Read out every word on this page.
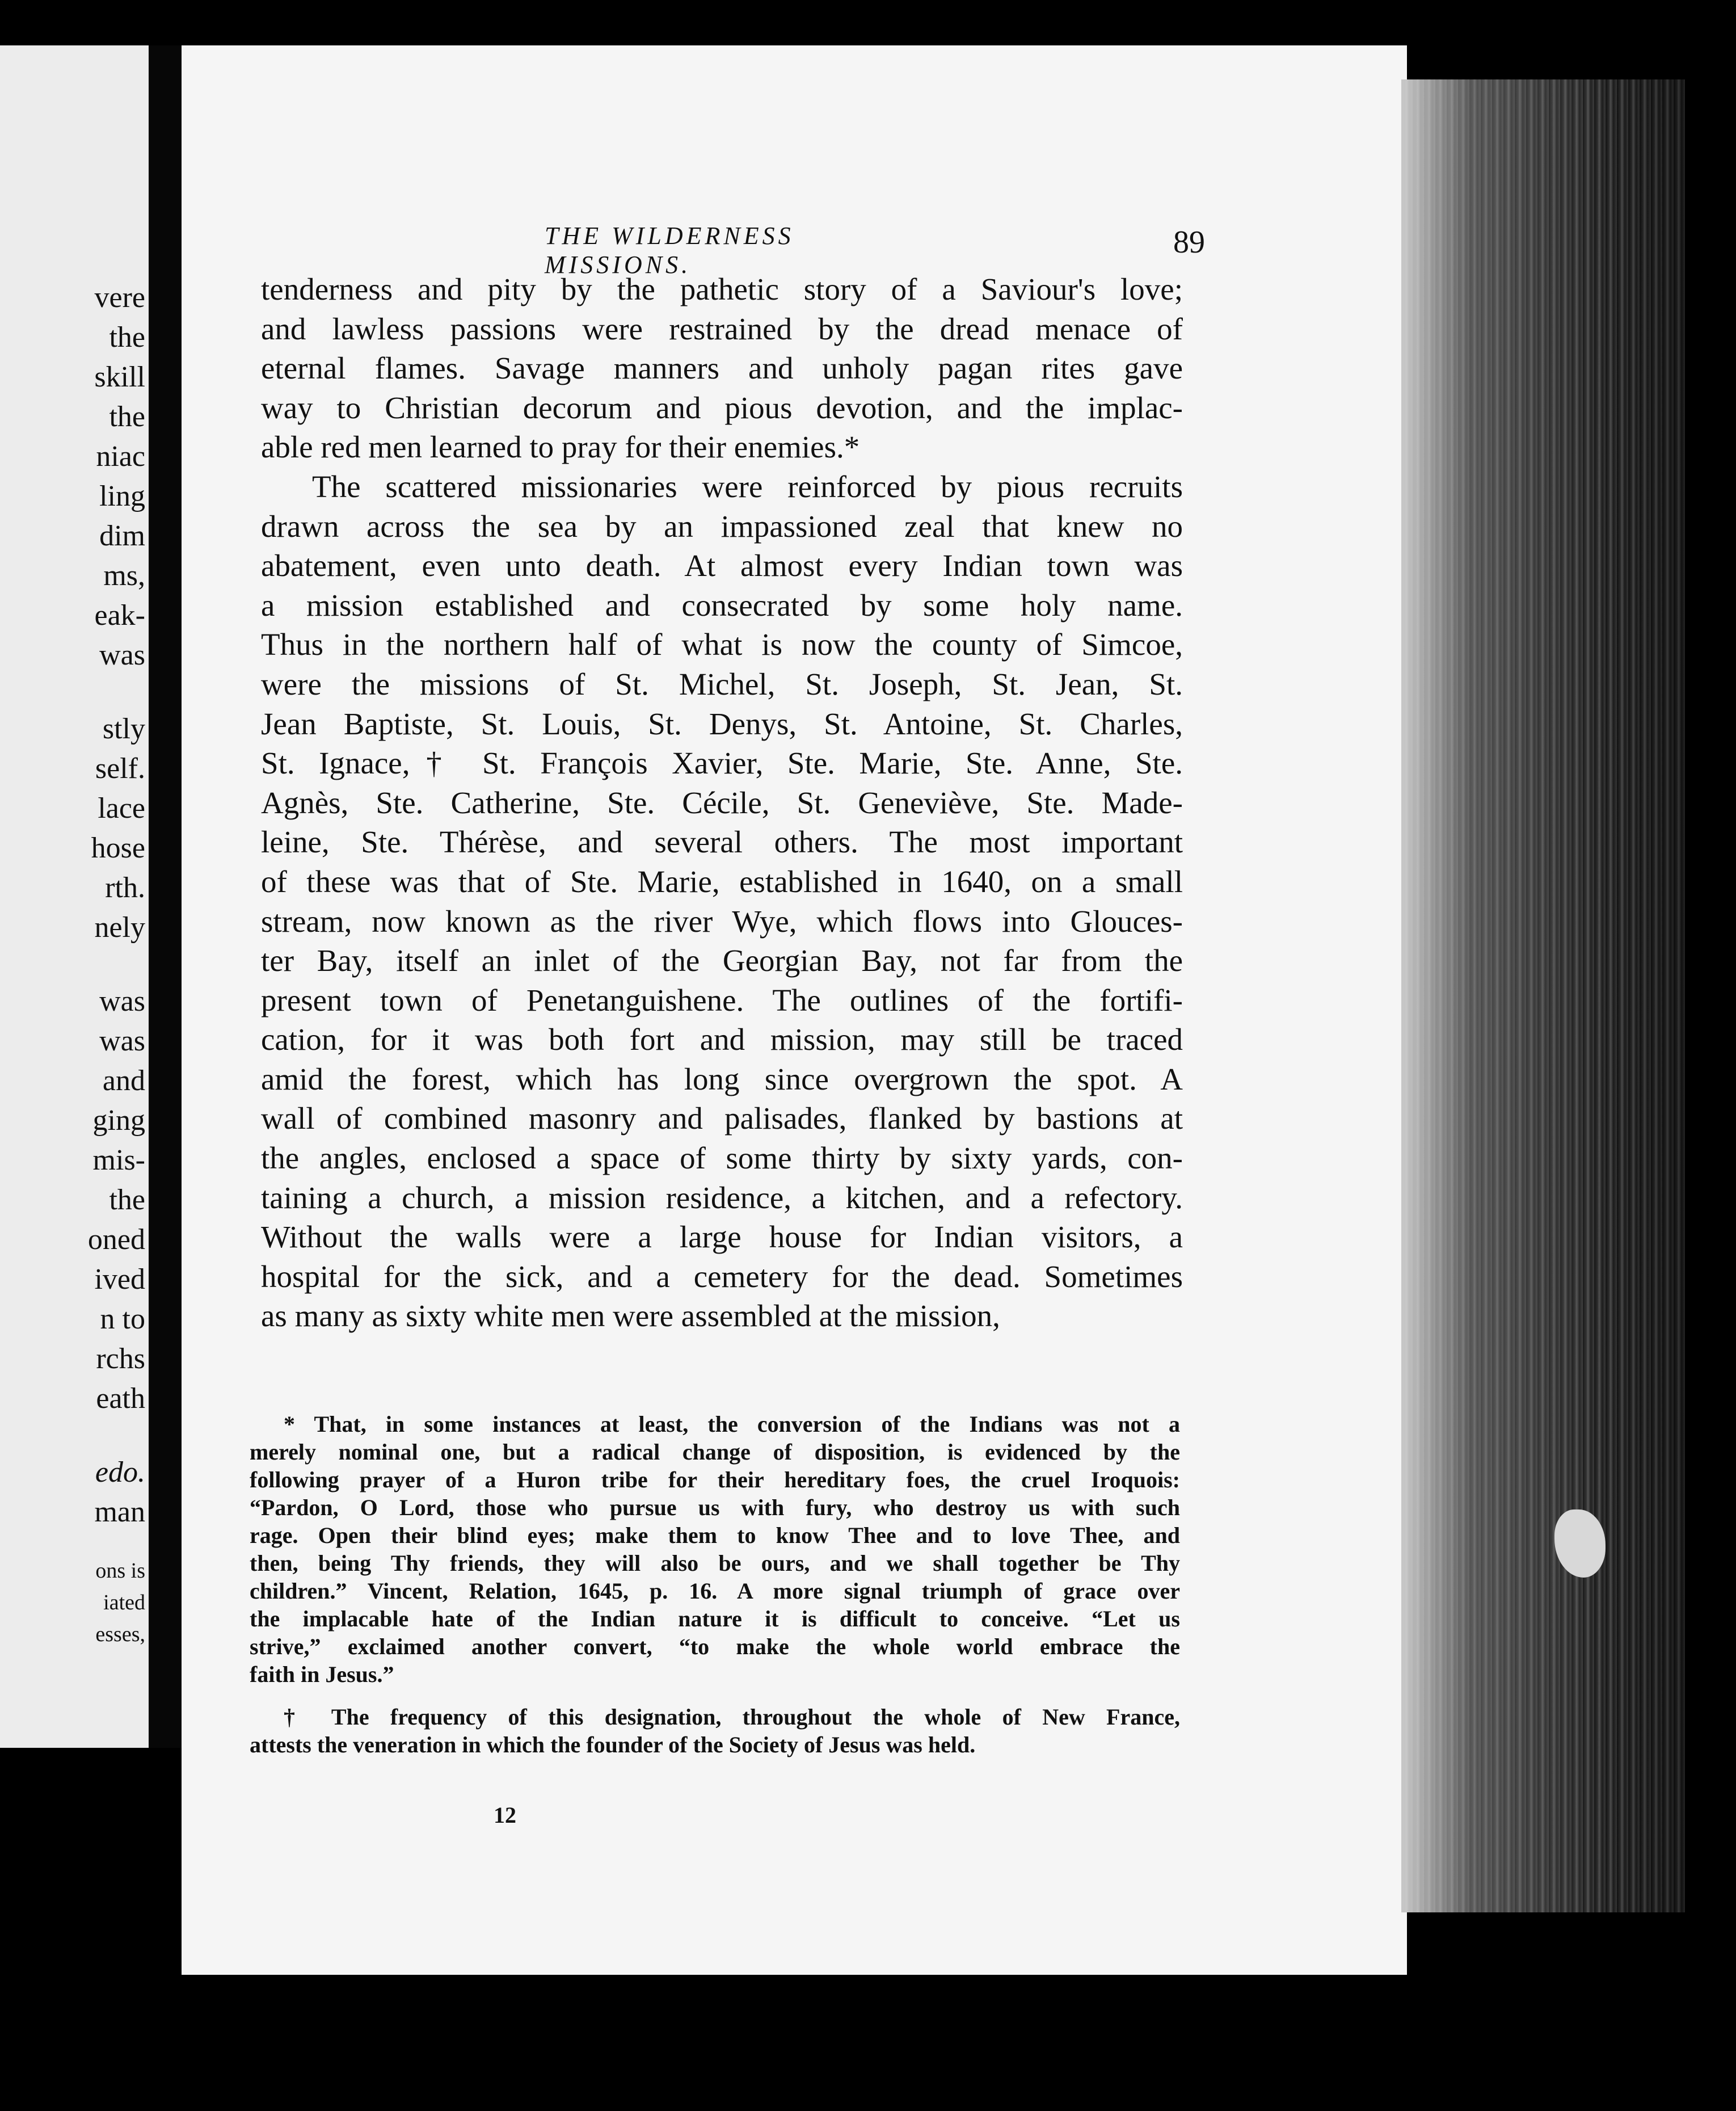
vere
the
skill
the
niac
ling
dim
ms,
eak-
was
stly
self.
lace
hose
rth.
nely
was
was
and
ging
mis-
the
oned
ived
n to
rchs
eath
edo.
man
ons is
iated
esses,
THE WILDERNESS MISSIONS.
89
tenderness and pity by the pathetic story of a Saviour's love;
and lawless passions were restrained by the dread menace of
eternal flames. Savage manners and unholy pagan rites gave
way to Christian decorum and pious devotion, and the implac-
able red men learned to pray for their enemies.*
The scattered missionaries were reinforced by pious recruits
drawn across the sea by an impassioned zeal that knew no
abatement, even unto death. At almost every Indian town was
a mission established and consecrated by some holy name.
Thus in the northern half of what is now the county of Simcoe,
were the missions of St. Michel, St. Joseph, St. Jean, St.
Jean Baptiste, St. Louis, St. Denys, St. Antoine, St. Charles,
St. Ignace,† St. François Xavier, Ste. Marie, Ste. Anne, Ste.
Agnès, Ste. Catherine, Ste. Cécile, St. Geneviève, Ste. Made-
leine, Ste. Thérèse, and several others. The most important
of these was that of Ste. Marie, established in 1640, on a small
stream, now known as the river Wye, which flows into Glouces-
ter Bay, itself an inlet of the Georgian Bay, not far from the
present town of Penetanguishene. The outlines of the fortifi-
cation, for it was both fort and mission, may still be traced
amid the forest, which has long since overgrown the spot. A
wall of combined masonry and palisades, flanked by bastions at
the angles, enclosed a space of some thirty by sixty yards, con-
taining a church, a mission residence, a kitchen, and a refectory.
Without the walls were a large house for Indian visitors, a
hospital for the sick, and a cemetery for the dead. Sometimes
as many as sixty white men were assembled at the mission,
* That, in some instances at least, the conversion of the Indians was not a
merely nominal one, but a radical change of disposition, is evidenced by the
following prayer of a Huron tribe for their hereditary foes, the cruel Iroquois:
“Pardon, O Lord, those who pursue us with fury, who destroy us with such
rage. Open their blind eyes; make them to know Thee and to love Thee, and
then, being Thy friends, they will also be ours, and we shall together be Thy
children.” Vincent, Relation, 1645, p. 16. A more signal triumph of grace over
the implacable hate of the Indian nature it is difficult to conceive. “Let us
strive,” exclaimed another convert, “to make the whole world embrace the
faith in Jesus.”
† The frequency of this designation, throughout the whole of New France,
attests the veneration in which the founder of the Society of Jesus was held.
12
